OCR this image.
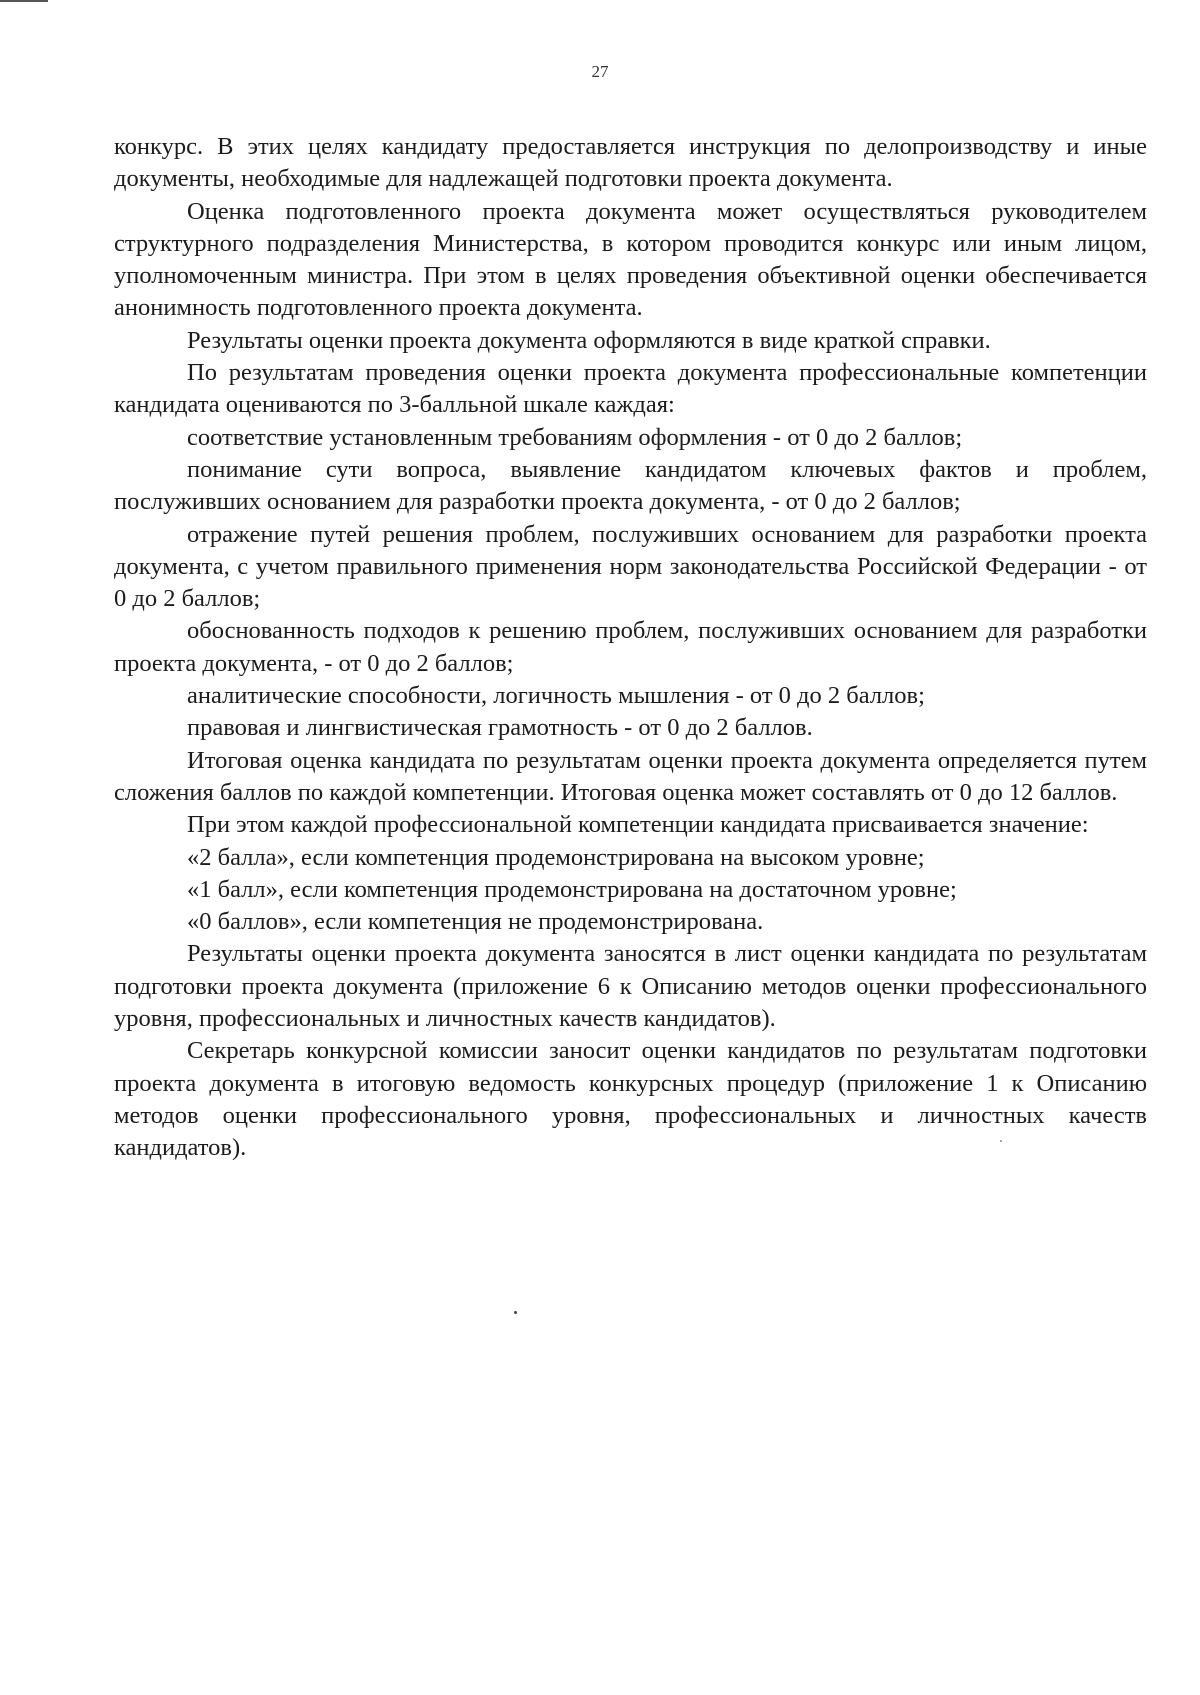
27

конкурс. В этих целях кандидату предоставляется инструкция по делопроизводству и иные документы, необходимые для надлежащей подготовки проекта документа.

Оценка подготовленного проекта документа может осуществляться руководителем структурного подразделения Министерства, в котором проводится конкурс или иным лицом, уполномоченным министра. При этом в целях проведения объективной оценки обеспечивается анонимность подготовленного проекта документа.

Результаты оценки проекта документа оформляются в виде краткой справки.

По результатам проведения оценки проекта документа профессиональные компетенции кандидата оцениваются по 3-балльной шкале каждая:

соответствие установленным требованиям оформления - от 0 до 2 баллов;

понимание сути вопроса, выявление кандидатом ключевых фактов и проблем, послуживших основанием для разработки проекта документа, - от 0 до 2 баллов;

отражение путей решения проблем, послуживших основанием для разработки проекта документа, с учетом правильного применения норм законодательства Российской Федерации - от 0 до 2 баллов;

обоснованность подходов к решению проблем, послуживших основанием для разработки проекта документа, - от 0 до 2 баллов;

аналитические способности, логичность мышления - от 0 до 2 баллов;

правовая и лингвистическая грамотность - от 0 до 2 баллов.

Итоговая оценка кандидата по результатам оценки проекта документа определяется путем сложения баллов по каждой компетенции. Итоговая оценка может составлять от 0 до 12 баллов.

При этом каждой профессиональной компетенции кандидата присваивается значение:

«2 балла», если компетенция продемонстрирована на высоком уровне;

«1 балл», если компетенция продемонстрирована на достаточном уровне;

«0 баллов», если компетенция не продемонстрирована.

Результаты оценки проекта документа заносятся в лист оценки кандидата по результатам подготовки проекта документа (приложение 6 к Описанию методов оценки профессионального уровня, профессиональных и личностных качеств кандидатов).

Секретарь конкурсной комиссии заносит оценки кандидатов по результатам подготовки проекта документа в итоговую ведомость конкурсных процедур (приложение 1 к Описанию методов оценки профессионального уровня, профессиональных и личностных качеств кандидатов).
